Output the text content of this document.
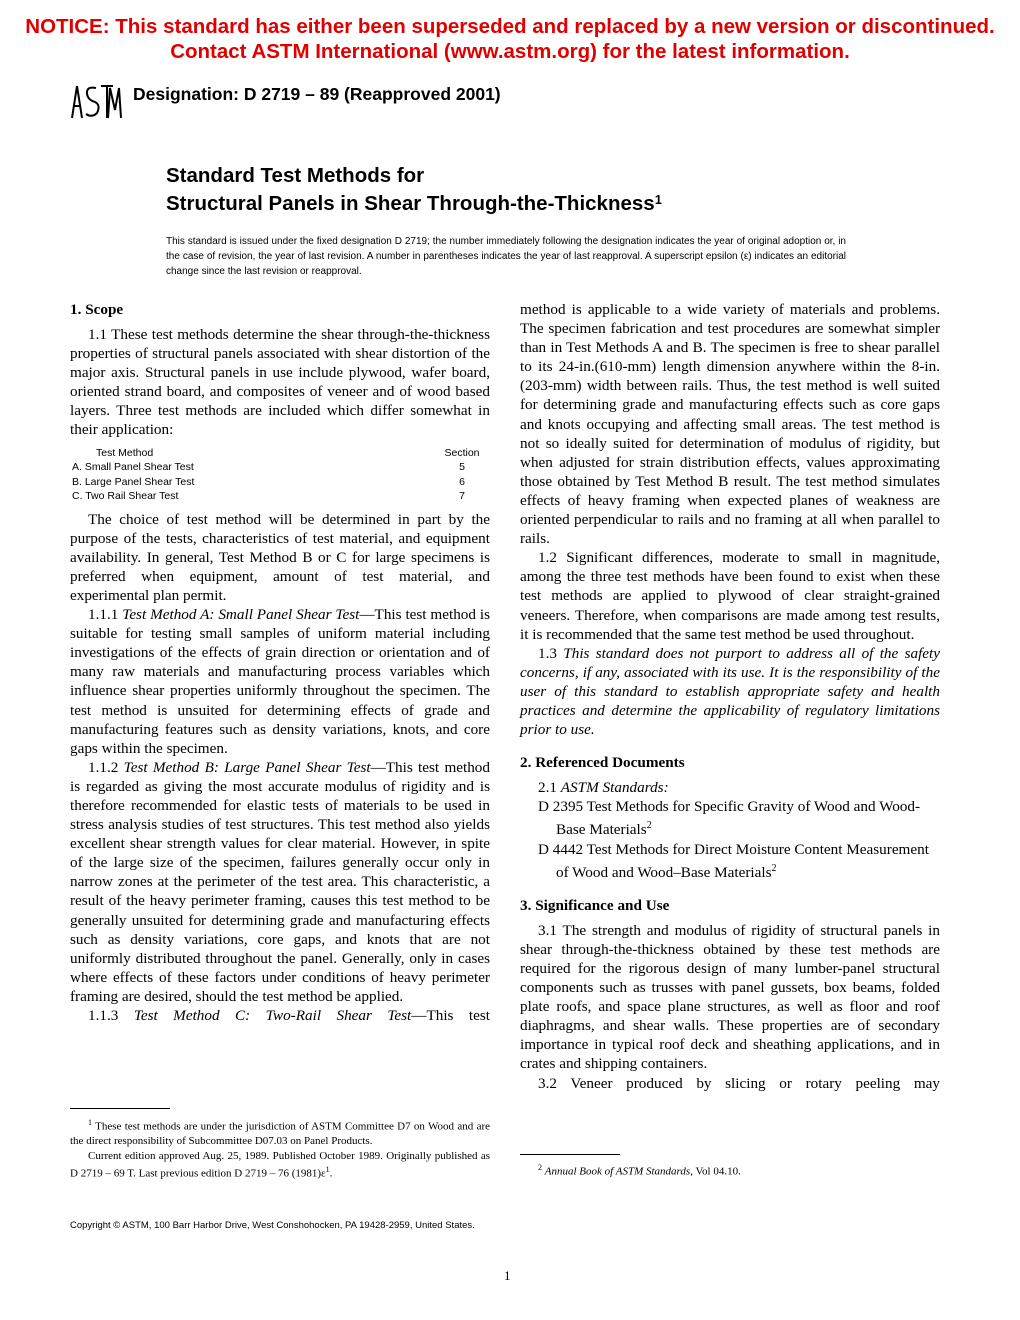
NOTICE: This standard has either been superseded and replaced by a new version or discontinued.
Contact ASTM International (www.astm.org) for the latest information.
Designation: D 2719 – 89 (Reapproved 2001)
Standard Test Methods for
Structural Panels in Shear Through-the-Thickness$^1$
This standard is issued under the fixed designation D 2719; the number immediately following the designation indicates the year of original adoption or, in the case of revision, the year of last revision. A number in parentheses indicates the year of last reapproval. A superscript epsilon (ε) indicates an editorial change since the last revision or reapproval.
1. Scope

1.1 These test methods determine the shear through-the-thickness properties of structural panels associated with shear distortion of the major axis. Structural panels in use include plywood, wafer board, oriented strand board, and composites of veneer and of wood based layers. Three test methods are included which differ somewhat in their application:

Test Method	Section
A. Small Panel Shear Test	5
B. Large Panel Shear Test	6
C. Two Rail Shear Test	7

The choice of test method will be determined in part by the purpose of the tests, characteristics of test material, and equipment availability. In general, Test Method B or C for large specimens is preferred when equipment, amount of test material, and experimental plan permit.

1.1.1 Test Method A: Small Panel Shear Test—This test method is suitable for testing small samples of uniform material including investigations of the effects of grain direction or orientation and of many raw materials and manufacturing process variables which influence shear properties uniformly throughout the specimen. The test method is unsuited for determining effects of grade and manufacturing features such as density variations, knots, and core gaps within the specimen.

1.1.2 Test Method B: Large Panel Shear Test—This test method is regarded as giving the most accurate modulus of rigidity and is therefore recommended for elastic tests of materials to be used in stress analysis studies of test structures. This test method also yields excellent shear strength values for clear material. However, in spite of the large size of the specimen, failures generally occur only in narrow zones at the perimeter of the test area. This characteristic, a result of the heavy perimeter framing, causes this test method to be generally unsuited for determining grade and manufacturing effects such as density variations, core gaps, and knots that are not uniformly distributed throughout the panel. Generally, only in cases where effects of these factors under conditions of heavy perimeter framing are desired, should the test method be applied.

1.1.3 Test Method C: Two-Rail Shear Test—This test

method is applicable to a wide variety of materials and problems. The specimen fabrication and test procedures are somewhat simpler than in Test Methods A and B. The specimen is free to shear parallel to its 24-in.(610-mm) length dimension anywhere within the 8-in. (203-mm) width between rails. Thus, the test method is well suited for determining grade and manufacturing effects such as core gaps and knots occupying and affecting small areas. The test method is not so ideally suited for determination of modulus of rigidity, but when adjusted for strain distribution effects, values approximating those obtained by Test Method B result. The test method simulates effects of heavy framing when expected planes of weakness are oriented perpendicular to rails and no framing at all when parallel to rails.

1.2 Significant differences, moderate to small in magnitude, among the three test methods have been found to exist when these test methods are applied to plywood of clear straight-grained veneers. Therefore, when comparisons are made among test results, it is recommended that the same test method be used throughout.

1.3 This standard does not purport to address all of the safety concerns, if any, associated with its use. It is the responsibility of the user of this standard to establish appropriate safety and health practices and determine the applicability of regulatory limitations prior to use.

2. Referenced Documents

2.1 ASTM Standards:

D 2395 Test Methods for Specific Gravity of Wood and Wood-Base Materials$^2$

D 4442 Test Methods for Direct Moisture Content Measurement of Wood and Wood–Base Materials$^2$

3. Significance and Use

3.1 The strength and modulus of rigidity of structural panels in shear through-the-thickness obtained by these test methods are required for the rigorous design of many lumber-panel structural components such as trusses with panel gussets, box beams, folded plate roofs, and space plane structures, as well as floor and roof diaphragms, and shear walls. These properties are of secondary importance in typical roof deck and sheathing applications, and in crates and shipping containers.

3.2 Veneer produced by slicing or rotary peeling may

$^1$ These test methods are under the jurisdiction of ASTM Committee D7 on Wood and are the direct responsibility of Subcommittee D07.03 on Panel Products.

Current edition approved Aug. 25, 1989. Published October 1989. Originally published as D 2719 – 69 T. Last previous edition D 2719 – 76 $(1981)\varepsilon^1$.

$^2$ Annual Book of ASTM Standards, Vol 04.10.

Copyright © ASTM, 100 Barr Harbor Drive, West Conshohocken, PA 19428-2959, United States.
1
